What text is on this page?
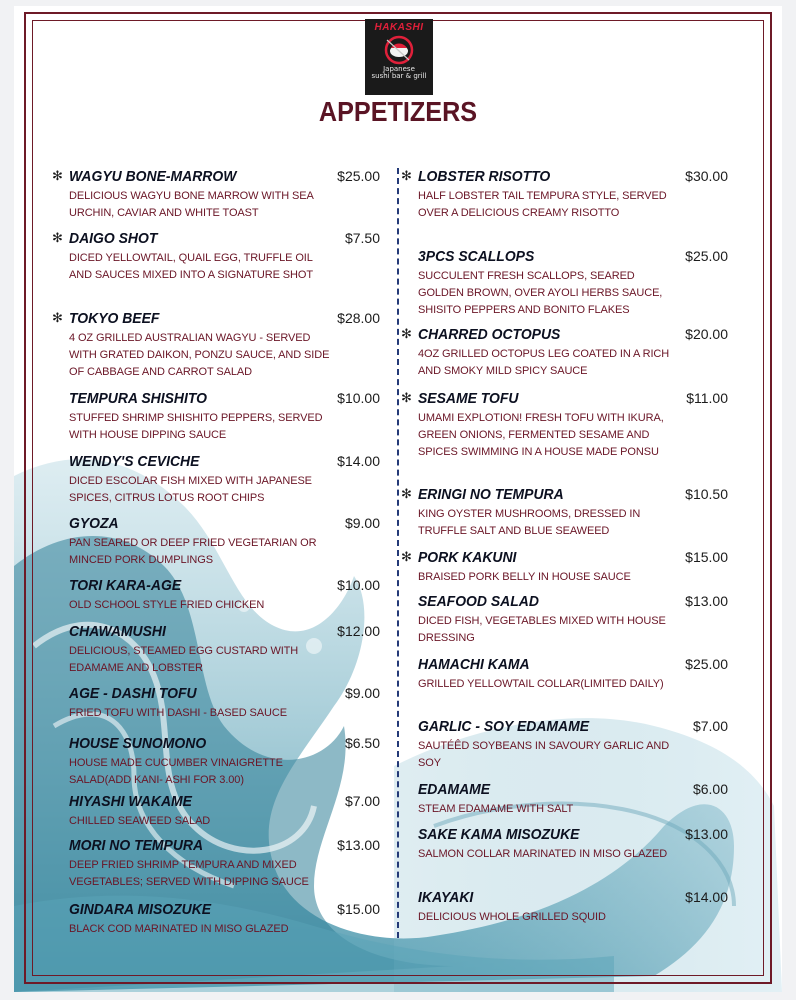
HAKASHI
Japanese
sushi bar & grill
APPETIZERS
✻ WAGYU BONE-MARROW	$25.00
DELICIOUS WAGYU BONE MARROW WITH SEA URCHIN, CAVIAR AND WHITE TOAST
✻ DAIGO SHOT	$7.50
DICED YELLOWTAIL, QUAIL EGG, TRUFFLE OIL AND SAUCES MIXED INTO A SIGNATURE SHOT
✻ TOKYO BEEF	$28.00
4 OZ GRILLED AUSTRALIAN WAGYU - SERVED WITH GRATED DAIKON, PONZU SAUCE, AND SIDE OF CABBAGE AND CARROT SALAD
TEMPURA SHISHITO	$10.00
STUFFED SHRIMP SHISHITO PEPPERS, SERVED WITH HOUSE DIPPING SAUCE
WENDY'S CEVICHE	$14.00
DICED ESCOLAR FISH MIXED WITH JAPANESE SPICES, CITRUS LOTUS ROOT CHIPS
GYOZA	$9.00
PAN SEARED OR DEEP FRIED VEGETARIAN OR MINCED PORK DUMPLINGS
TORI KARA-AGE	$10.00
OLD SCHOOL STYLE FRIED CHICKEN
CHAWAMUSHI	$12.00
DELICIOUS, STEAMED EGG CUSTARD WITH EDAMAME AND LOBSTER
AGE - DASHI TOFU	$9.00
FRIED TOFU WITH DASHI - BASED SAUCE
HOUSE SUNOMONO	$6.50
HOUSE MADE CUCUMBER VINAIGRETTE SALAD(ADD KANI- ASHI FOR 3.00)
HIYASHI WAKAME	$7.00
CHILLED SEAWEED SALAD
MORI NO TEMPURA	$13.00
DEEP FRIED SHRIMP TEMPURA AND MIXED VEGETABLES; SERVED WITH DIPPING SAUCE
GINDARA MISOZUKE	$15.00
BLACK COD MARINATED IN MISO GLAZED
✻ LOBSTER RISOTTO	$30.00
HALF LOBSTER TAIL TEMPURA STYLE, SERVED OVER A DELICIOUS CREAMY RISOTTO
3PCS SCALLOPS	$25.00
SUCCULENT FRESH SCALLOPS, SEARED GOLDEN BROWN, OVER AYOLI HERBS SAUCE, SHISITO PEPPERS AND BONITO FLAKES
✻ CHARRED OCTOPUS	$20.00
4OZ GRILLED OCTOPUS LEG COATED IN A RICH AND SMOKY MILD SPICY SAUCE
✻ SESAME TOFU	$11.00
UMAMI EXPLOTION! FRESH TOFU WITH IKURA, GREEN ONIONS, FERMENTED SESAME AND SPICES SWIMMING IN A HOUSE MADE PONSU
✻ ERINGI NO TEMPURA	$10.50
KING OYSTER MUSHROOMS, DRESSED IN TRUFFLE SALT AND BLUE SEAWEED
✻ PORK KAKUNI	$15.00
BRAISED PORK BELLY IN HOUSE SAUCE
SEAFOOD SALAD	$13.00
DICED FISH, VEGETABLES MIXED WITH HOUSE DRESSING
HAMACHI KAMA	$25.00
GRILLED YELLOWTAIL COLLAR(LIMITED DAILY)
GARLIC - SOY EDAMAME	$7.00
SAUTÉÊD SOYBEANS IN SAVOURY GARLIC AND SOY
EDAMAME	$6.00
STEAM EDAMAME WITH SALT
SAKE KAMA MISOZUKE	$13.00
SALMON COLLAR MARINATED IN MISO GLAZED
IKAYAKI	$14.00
DELICIOUS WHOLE GRILLED SQUID
